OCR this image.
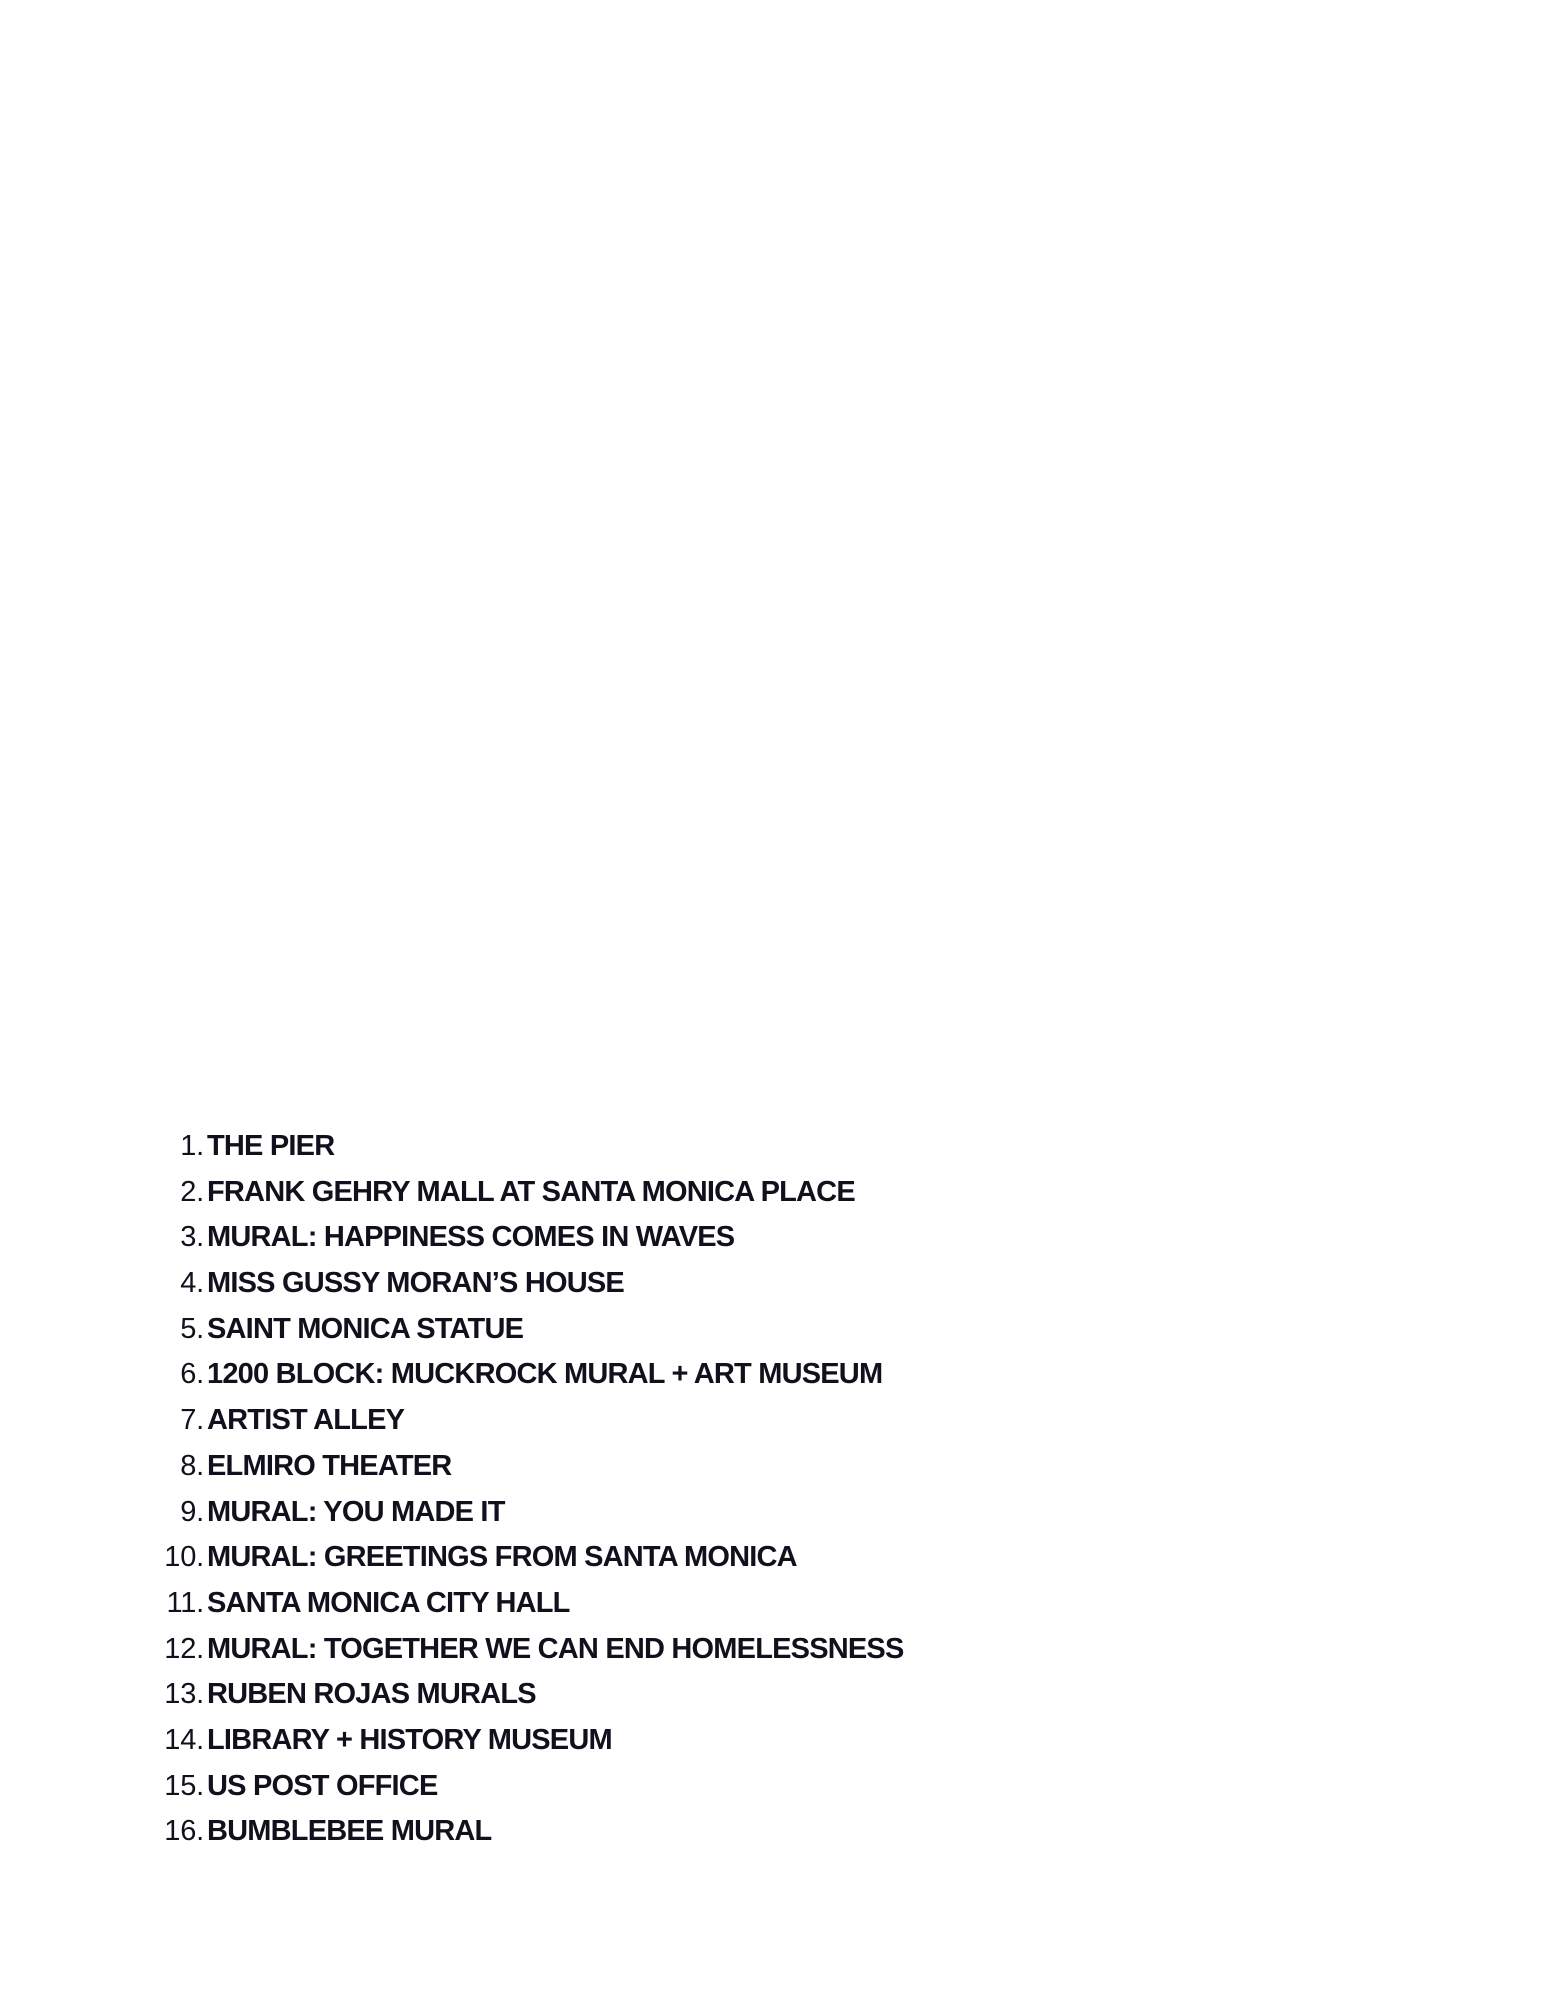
1. THE PIER
2. FRANK GEHRY MALL AT SANTA MONICA PLACE
3. MURAL: HAPPINESS COMES IN WAVES
4. MISS GUSSY MORAN’S HOUSE
5. SAINT MONICA STATUE
6. 1200 BLOCK: MUCKROCK MURAL + ART MUSEUM
7. ARTIST ALLEY
8. ELMIRO THEATER
9. MURAL: YOU MADE IT
10. MURAL: GREETINGS FROM SANTA MONICA
11. SANTA MONICA CITY HALL
12. MURAL: TOGETHER WE CAN END HOMELESSNESS
13. RUBEN ROJAS MURALS
14. LIBRARY + HISTORY MUSEUM
15. US POST OFFICE
16. BUMBLEBEE MURAL
